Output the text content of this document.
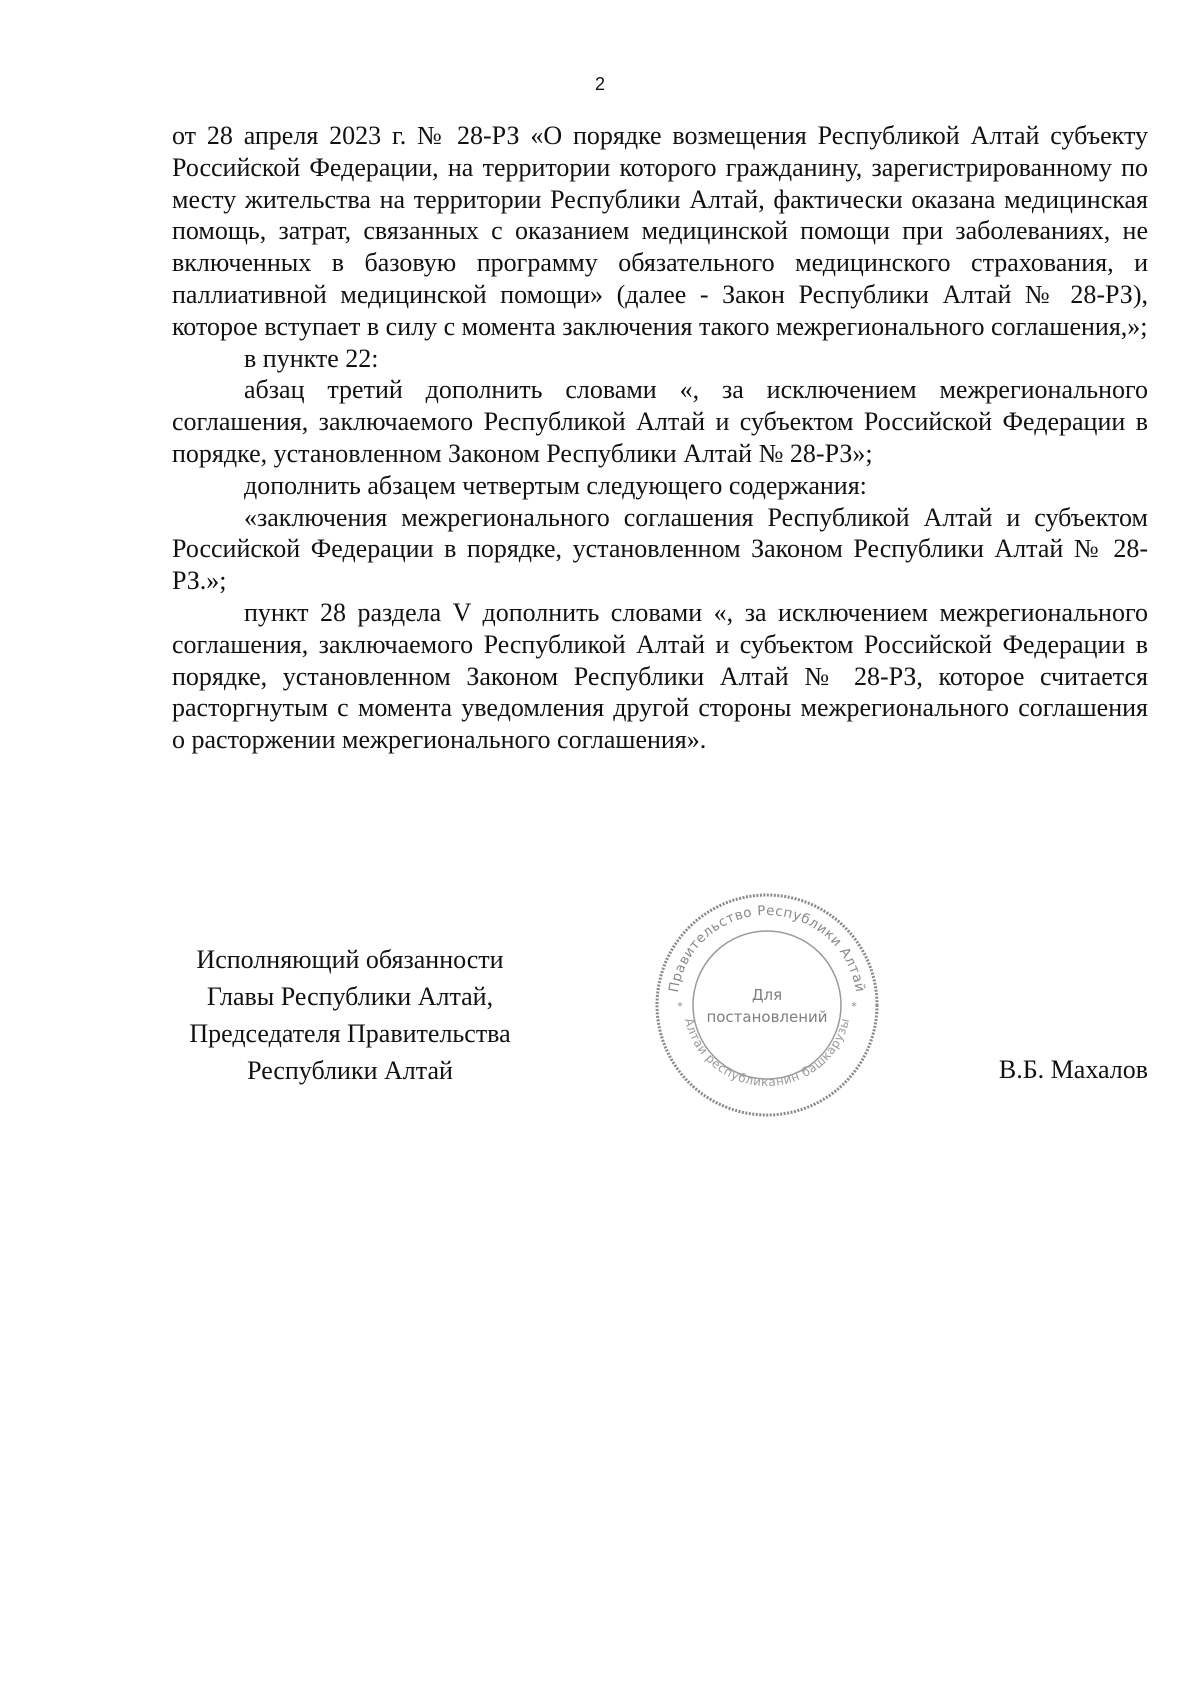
2

от 28 апреля 2023 г. № 28-РЗ «О порядке возмещения Республикой Алтай субъекту Российской Федерации, на территории которого гражданину, зарегистрированному по месту жительства на территории Республики Алтай, фактически оказана медицинская помощь, затрат, связанных с оказанием медицинской помощи при заболеваниях, не включенных в базовую программу обязательного медицинского страхования, и паллиативной медицинской помощи» (далее - Закон Республики Алтай № 28-РЗ), которое вступает в силу с момента заключения такого межрегионального соглашения,»;

в пункте 22:

абзац третий дополнить словами «, за исключением межрегионального соглашения, заключаемого Республикой Алтай и субъектом Российской Федерации в порядке, установленном Законом Республики Алтай № 28-РЗ»;

дополнить абзацем четвертым следующего содержания:

«заключения межрегионального соглашения Республикой Алтай и субъектом Российской Федерации в порядке, установленном Законом Республики Алтай № 28-РЗ.»;

пункт 28 раздела V дополнить словами «, за исключением межрегионального соглашения, заключаемого Республикой Алтай и субъектом Российской Федерации в порядке, установленном Законом Республики Алтай № 28-РЗ, которое считается расторгнутым с момента уведомления другой стороны межрегионального соглашения о расторжении межрегионального соглашения».

Исполняющий обязанности
Главы Республики Алтай,
Председателя Правительства
Республики Алтай
Правительство Республики Алтай
Алтай республиканин башкарузы
*	*
Для
постановлений
В.Б. Махалов
